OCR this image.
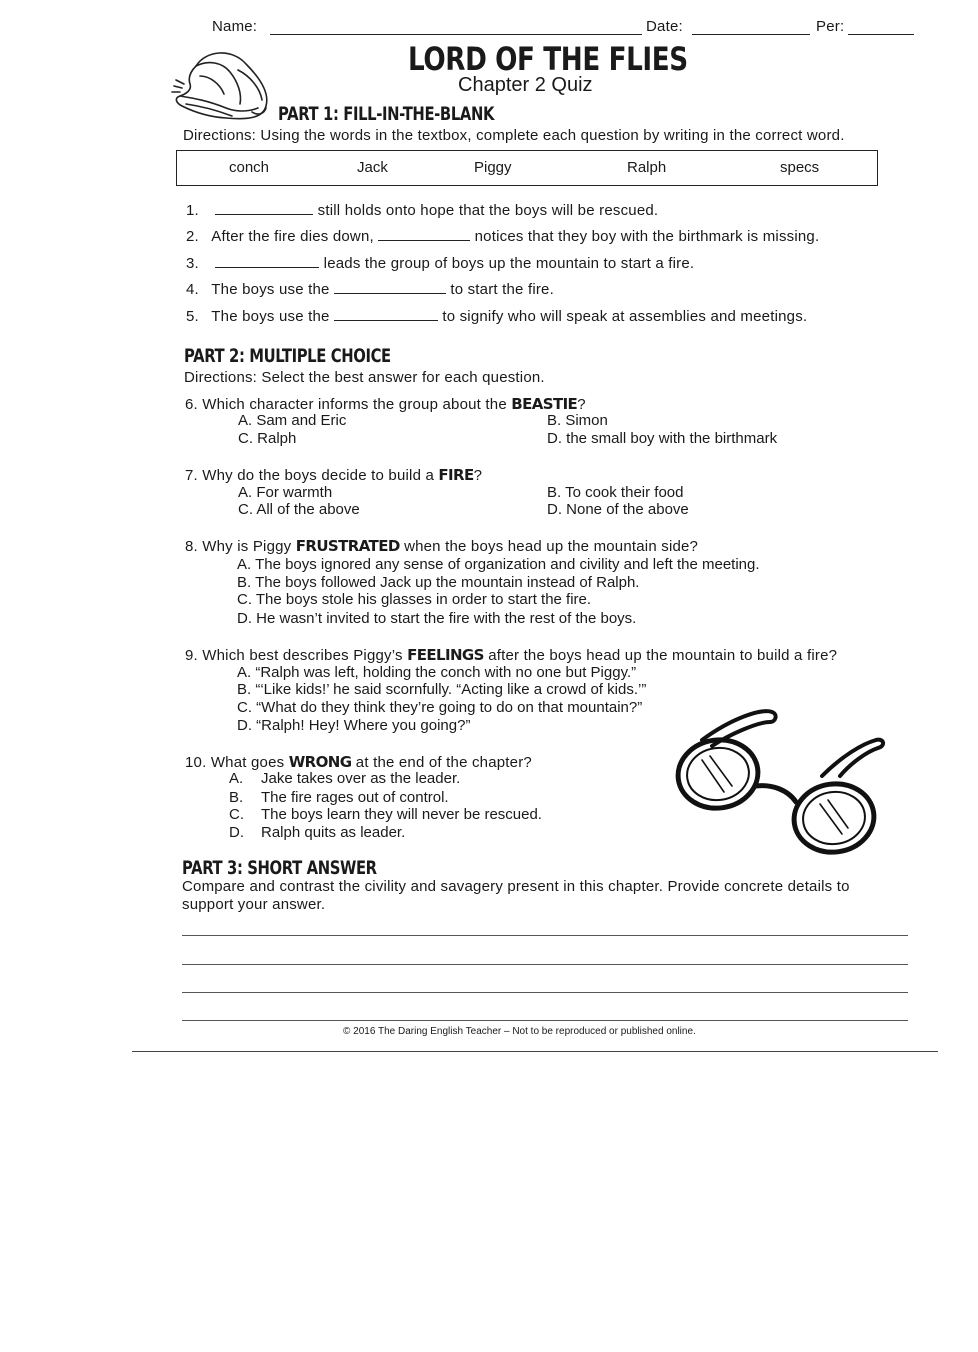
Name:	Date:	Per:
LORD OF THE FLIES
Chapter 2 Quiz
PART 1: FILL-IN-THE-BLANK
Directions: Using the words in the textbox, complete each question by writing in the correct word.
conch	Jack	Piggy	Ralph	specs
1.	still holds onto hope that the boys will be rescued.
2. After the fire dies down,	notices that they boy with the birthmark is missing.
3.	leads the group of boys up the mountain to start a fire.
4. The boys use the	to start the fire.
5. The boys use the	to signify who will speak at assemblies and meetings.
PART 2: MULTIPLE CHOICE
Directions: Select the best answer for each question.
6. Which character informs the group about the BEASTIE?
A. Sam and Eric	B. Simon
C. Ralph	D. the small boy with the birthmark
7. Why do the boys decide to build a FIRE?
A. For warmth	B. To cook their food
C. All of the above	D. None of the above
8. Why is Piggy FRUSTRATED when the boys head up the mountain side?
A. The boys ignored any sense of organization and civility and left the meeting.
B. The boys followed Jack up the mountain instead of Ralph.
C. The boys stole his glasses in order to start the fire.
D. He wasn’t invited to start the fire with the rest of the boys.
9. Which best describes Piggy’s FEELINGS after the boys head up the mountain to build a fire?
A. “Ralph was left, holding the conch with no one but Piggy.”
B. “‘Like kids!’ he said scornfully. “Acting like a crowd of kids.’”
C. “What do they think they’re going to do on that mountain?”
D. “Ralph! Hey! Where you going?”
10. What goes WRONG at the end of the chapter?
A. Jake takes over as the leader.
B. The fire rages out of control.
C. The boys learn they will never be rescued.
D. Ralph quits as leader.
PART 3: SHORT ANSWER
Compare and contrast the civility and savagery present in this chapter. Provide concrete details to
support your answer.
© 2016 The Daring English Teacher – Not to be reproduced or published online.
